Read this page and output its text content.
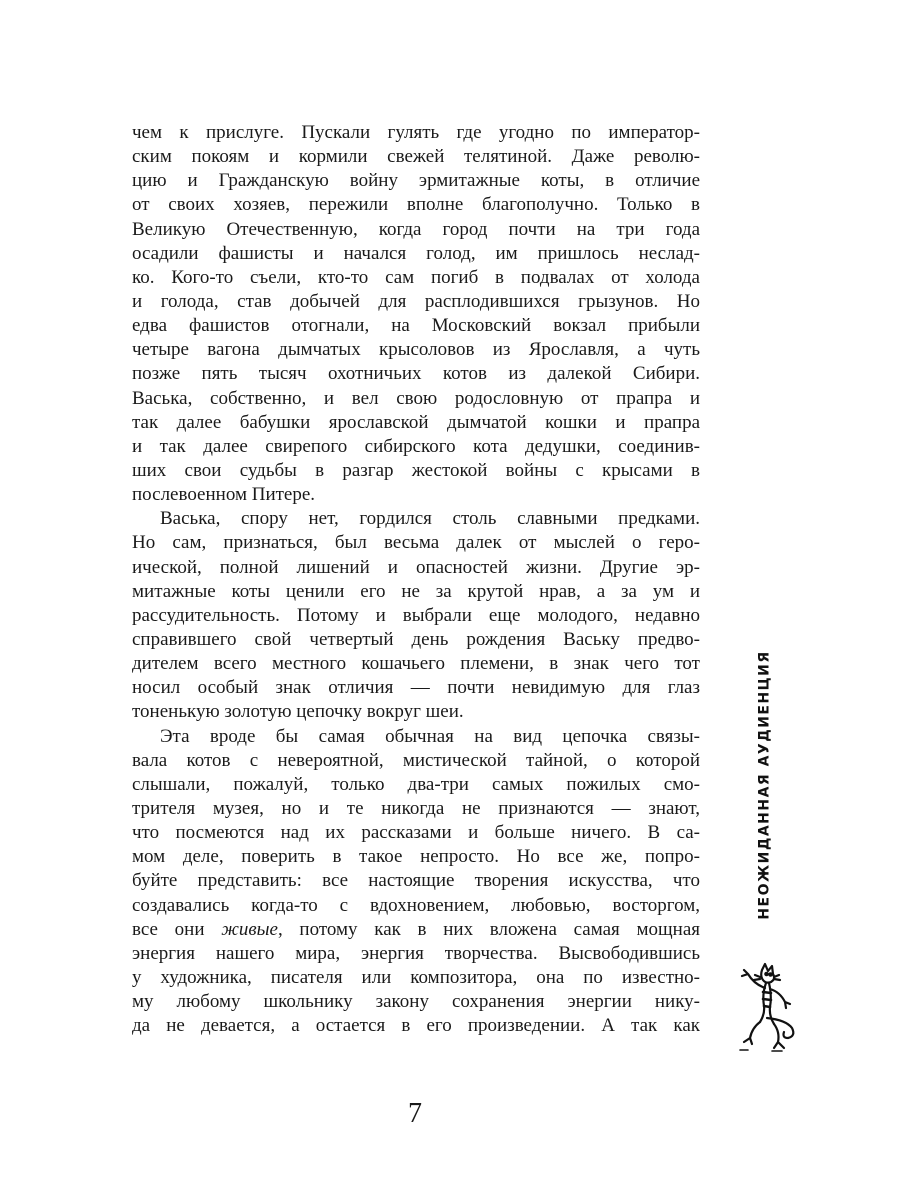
чем к прислуге. Пускали гулять где угодно по император-
ским покоям и кормили свежей телятиной. Даже револю-
цию и Гражданскую войну эрмитажные коты, в отличие
от своих хозяев, пережили вполне благополучно. Только в
Великую Отечественную, когда город почти на три года
осадили фашисты и начался голод, им пришлось неслад-
ко. Кого-то съели, кто-то сам погиб в подвалах от холода
и голода, став добычей для расплодившихся грызунов. Но
едва фашистов отогнали, на Московский вокзал прибыли
четыре вагона дымчатых крысоловов из Ярославля, а чуть
позже пять тысяч охотничьих котов из далекой Сибири.
Васька, собственно, и вел свою родословную от прапра и
так далее бабушки ярославской дымчатой кошки и прапра
и так далее свирепого сибирского кота дедушки, соединив-
ших свои судьбы в разгар жестокой войны с крысами в
послевоенном Питере.
Васька, спору нет, гордился столь славными предками.
Но сам, признаться, был весьма далек от мыслей о геро-
ической, полной лишений и опасностей жизни. Другие эр-
митажные коты ценили его не за крутой нрав, а за ум и
рассудительность. Потому и выбрали еще молодого, недавно
справившего свой четвертый день рождения Ваську предво-
дителем всего местного кошачьего племени, в знак чего тот
носил особый знак отличия — почти невидимую для глаз
тоненькую золотую цепочку вокруг шеи.
Эта вроде бы самая обычная на вид цепочка связы-
вала котов с невероятной, мистической тайной, о которой
слышали, пожалуй, только два-три самых пожилых смо-
трителя музея, но и те никогда не признаются — знают,
что посмеются над их рассказами и больше ничего. В са-
мом деле, поверить в такое непросто. Но все же, попро-
буйте представить: все настоящие творения искусства, что
создавались когда-то с вдохновением, любовью, восторгом,
все они живые, потому как в них вложена самая мощная
энергия нашего мира, энергия творчества. Высвободившись
у художника, писателя или композитора, она по известно-
му любому школьнику закону сохранения энергии нику-
да не девается, а остается в его произведении. А так как
НЕОЖИДАННАЯ АУДИЕНЦИЯ
7
